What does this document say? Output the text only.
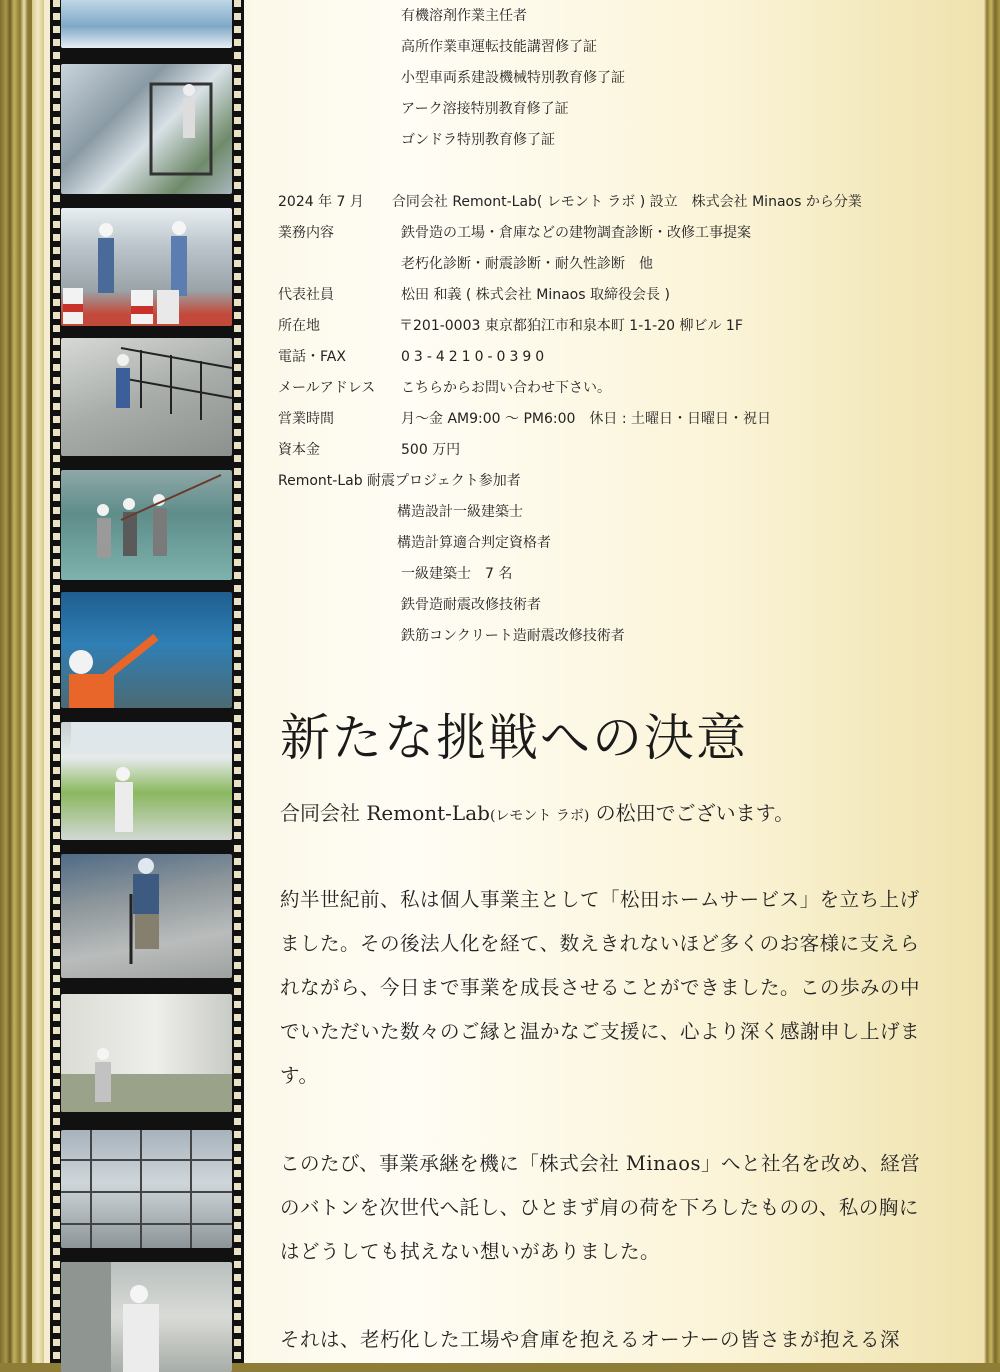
有機溶剤作業主任者
高所作業車運転技能講習修了証
小型車両系建設機械特別教育修了証
アーク溶接特別教育修了証
ゴンドラ特別教育修了証
2024 年 7 月　　合同会社 Remont-Lab( レモント ラボ ) 設立　株式会社 Minaos から分業
業務内容	鉄骨造の工場・倉庫などの建物調査診断・改修工事提案
老朽化診断・耐震診断・耐久性診断　他
代表社員	松田 和義 ( 株式会社 Minaos 取締役会長 )
所在地	〒201-0003 東京都狛江市和泉本町 1-1-20 柳ビル 1F
電話・FAX	03-4210-0390
メールアドレス こちらからお問い合わせ下さい。
営業時間	月～金 AM9:00 ～ PM6:00　休日 : 土曜日・日曜日・祝日
資本金	500 万円
Remont-Lab 耐震プロジェクト参加者
構造設計一級建築士
構造計算適合判定資格者
一級建築士　7 名
鉄骨造耐震改修技術者
鉄筋コンクリート造耐震改修技術者
新たな挑戦への決意
合同会社 Remont-Lab(レモント ラボ) の松田でございます。
約半世紀前、私は個人事業主として「松田ホームサービス」を立ち上げました。その後法人化を経て、数えきれないほど多くのお客様に支えられながら、今日まで事業を成長させることができました。この歩みの中でいただいた数々のご縁と温かなご支援に、心より深く感謝申し上げます。
このたび、事業承継を機に「株式会社 Minaos」へと社名を改め、経営のバトンを次世代へ託し、ひとまず肩の荷を下ろしたものの、私の胸にはどうしても拭えない想いがありました。
それは、老朽化した工場や倉庫を抱えるオーナーの皆さまが抱える深
